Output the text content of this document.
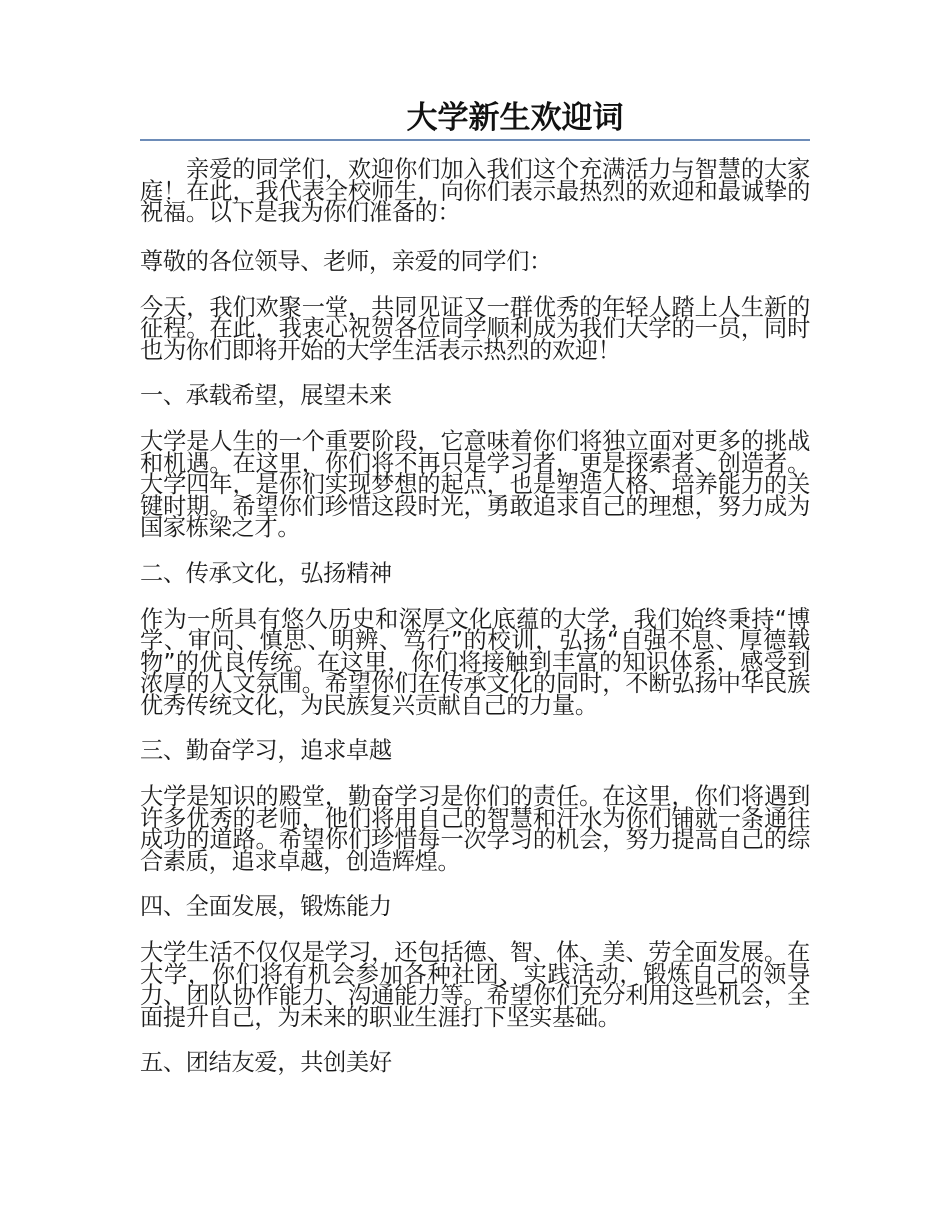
大学新生欢迎词

亲爱的同学们，欢迎你们加入我们这个充满活力与智慧的大家庭！在此，我代表全校师生，向你们表示最热烈的欢迎和最诚挚的祝福。以下是我为你们准备的：

尊敬的各位领导、老师，亲爱的同学们：

今天，我们欢聚一堂，共同见证又一群优秀的年轻人踏上人生新的征程。在此，我衷心祝贺各位同学顺利成为我们大学的一员，同时也为你们即将开始的大学生活表示热烈的欢迎！

一、承载希望，展望未来

大学是人生的一个重要阶段，它意味着你们将独立面对更多的挑战和机遇。在这里，你们将不再只是学习者，更是探索者、创造者。大学四年，是你们实现梦想的起点，也是塑造人格、培养能力的关键时期。希望你们珍惜这段时光，勇敢追求自己的理想，努力成为国家栋梁之才。

二、传承文化，弘扬精神

作为一所具有悠久历史和深厚文化底蕴的大学，我们始终秉持“博学、审问、慎思、明辨、笃行”的校训，弘扬“自强不息、厚德载物”的优良传统。在这里，你们将接触到丰富的知识体系，感受到浓厚的人文氛围。希望你们在传承文化的同时，不断弘扬中华民族优秀传统文化，为民族复兴贡献自己的力量。

三、勤奋学习，追求卓越

大学是知识的殿堂，勤奋学习是你们的责任。在这里，你们将遇到许多优秀的老师，他们将用自己的智慧和汗水为你们铺就一条通往成功的道路。希望你们珍惜每一次学习的机会，努力提高自己的综合素质，追求卓越，创造辉煌。

四、全面发展，锻炼能力

大学生活不仅仅是学习，还包括德、智、体、美、劳全面发展。在大学，你们将有机会参加各种社团、实践活动，锻炼自己的领导力、团队协作能力、沟通能力等。希望你们充分利用这些机会，全面提升自己，为未来的职业生涯打下坚实基础。

五、团结友爱，共创美好
